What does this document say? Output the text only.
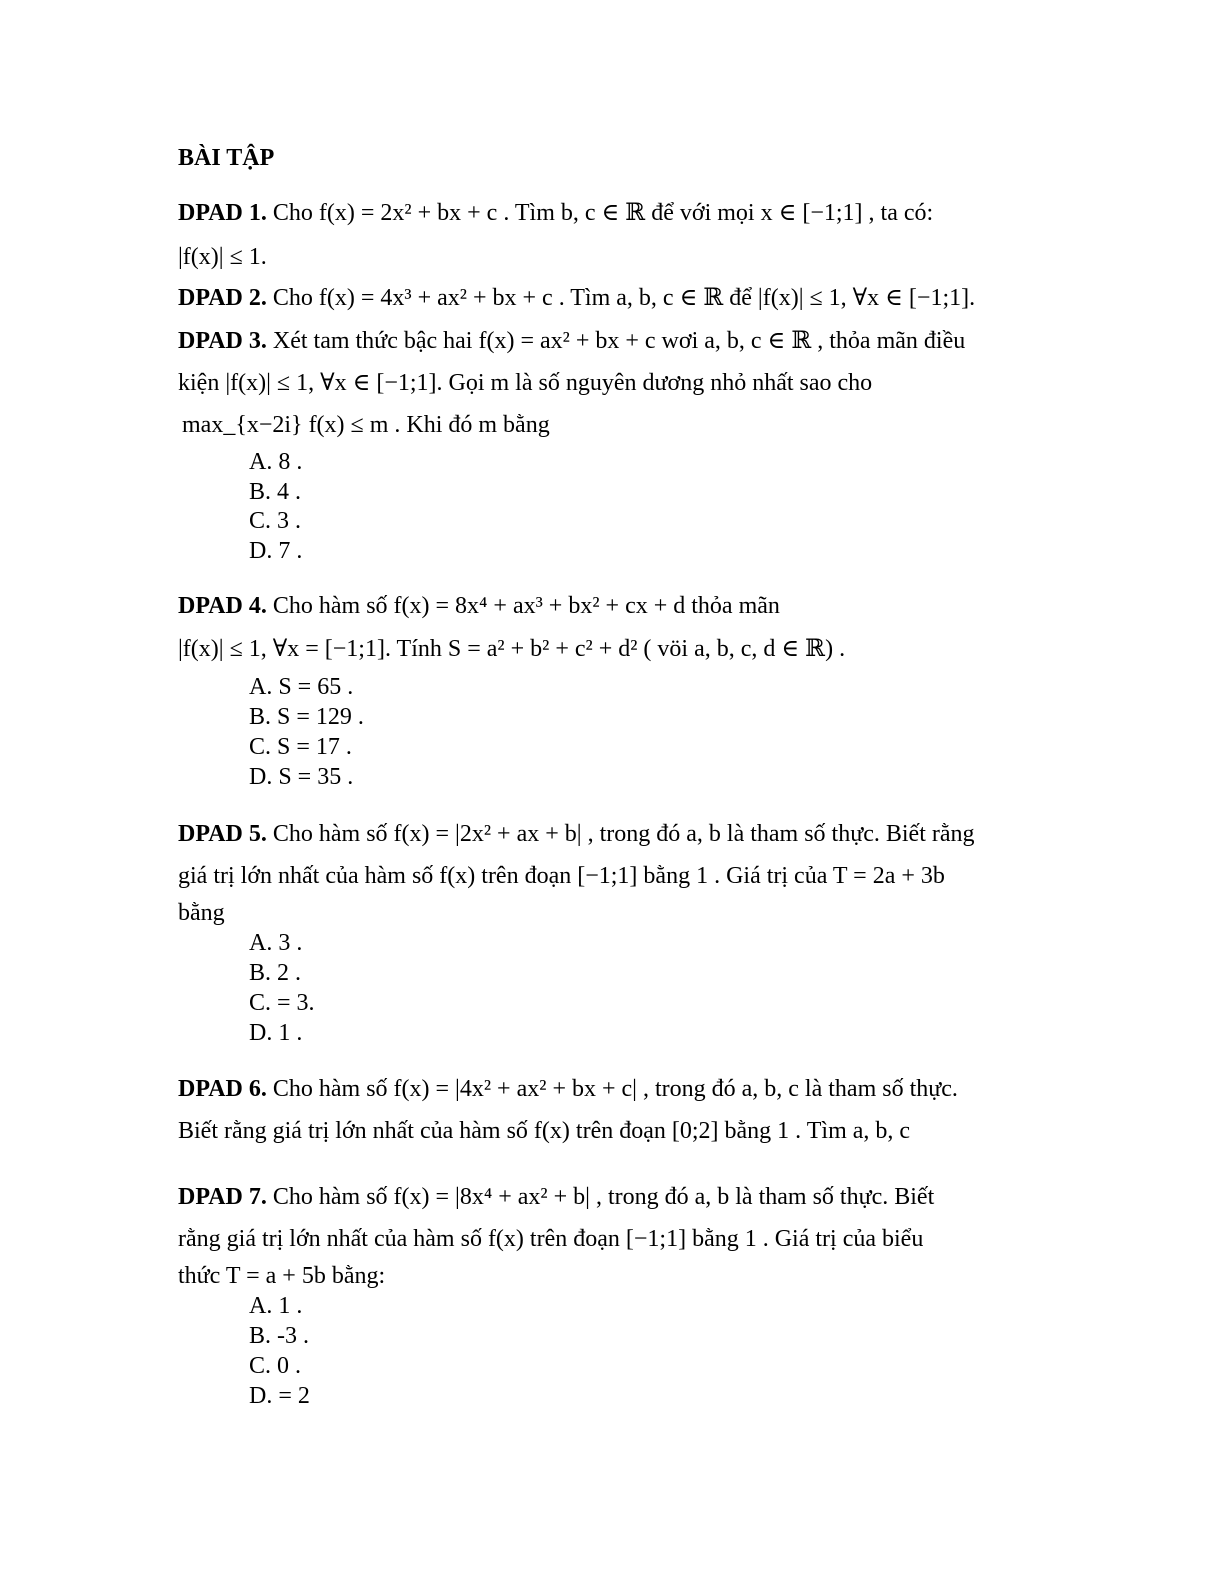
BÀI TẬP
DPAD 1. Cho f(x) = 2x² + bx + c . Tìm b, c ∈ ℝ để với mọi x ∈ [−1;1] , ta có:
|f(x)| ≤ 1.
DPAD 2. Cho f(x) = 4x³ + ax² + bx + c . Tìm a, b, c ∈ ℝ để |f(x)| ≤ 1, ∀x ∈ [−1;1].
DPAD 3. Xét tam thức bậc hai f(x) = ax² + bx + c wơi a, b, c ∈ ℝ , thỏa mãn điều
kiện |f(x)| ≤ 1, ∀x ∈ [−1;1]. Gọi m là số nguyên dương nhỏ nhất sao cho
max_{x−2i} f(x) ≤ m . Khi đó m bằng
A. 8 .
B. 4 .
C. 3 .
D. 7 .
DPAD 4. Cho hàm số f(x) = 8x⁴ + ax³ + bx² + cx + d thỏa mãn
|f(x)| ≤ 1, ∀x = [−1;1]. Tính S = a² + b² + c² + d² ( vöi a, b, c, d ∈ ℝ) .
A. S = 65 .
B. S = 129 .
C. S = 17 .
D. S = 35 .
DPAD 5. Cho hàm số f(x) = |2x² + ax + b| , trong đó a, b là tham số thực. Biết rằng
giá trị lớn nhất của hàm số f(x) trên đoạn [−1;1] bằng 1 . Giá trị của T = 2a + 3b
bằng
A. 3 .
B. 2 .
C. = 3.
D. 1 .
DPAD 6. Cho hàm số f(x) = |4x² + ax² + bx + c| , trong đó a, b, c là tham số thực.
Biết rằng giá trị lớn nhất của hàm số f(x) trên đoạn [0;2] bằng 1 . Tìm a, b, c
DPAD 7. Cho hàm số f(x) = |8x⁴ + ax² + b| , trong đó a, b là tham số thực. Biết
rằng giá trị lớn nhất của hàm số f(x) trên đoạn [−1;1] bằng 1 . Giá trị của biểu
thức T = a + 5b bằng:
A. 1 .
B. -3 .
C. 0 .
D. = 2
